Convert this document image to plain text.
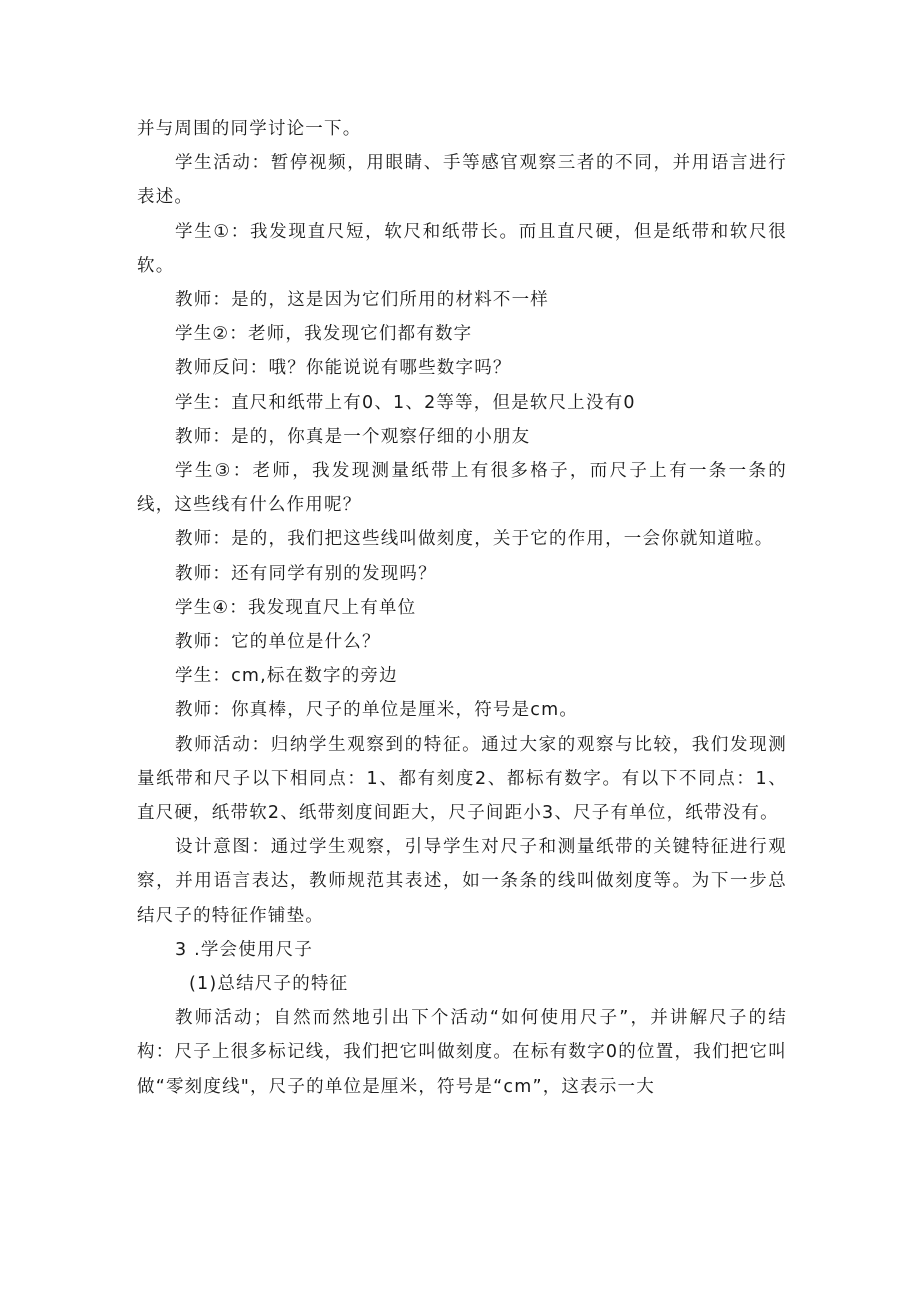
并与周围的同学讨论一下。

学生活动：暂停视频，用眼睛、手等感官观察三者的不同，并用语言进行表述。

学生①：我发现直尺短，软尺和纸带长。而且直尺硬，但是纸带和软尺很软。

教师：是的，这是因为它们所用的材料不一样

学生②：老师，我发现它们都有数字

教师反问：哦？你能说说有哪些数字吗？

学生：直尺和纸带上有0、1、2等等，但是软尺上没有0

教师：是的，你真是一个观察仔细的小朋友

学生③：老师，我发现测量纸带上有很多格子，而尺子上有一条一条的线，这些线有什么作用呢？

教师：是的，我们把这些线叫做刻度，关于它的作用，一会你就知道啦。

教师：还有同学有别的发现吗？

学生④：我发现直尺上有单位

教师：它的单位是什么？

学生：cm,标在数字的旁边

教师：你真棒，尺子的单位是厘米，符号是cm。

教师活动：归纳学生观察到的特征。通过大家的观察与比较，我们发现测量纸带和尺子以下相同点：1、都有刻度2、都标有数字。有以下不同点：1、直尺硬，纸带软2、纸带刻度间距大，尺子间距小3、尺子有单位，纸带没有。

设计意图：通过学生观察，引导学生对尺子和测量纸带的关键特征进行观察，并用语言表达，教师规范其表述，如一条条的线叫做刻度等。为下一步总结尺子的特征作铺垫。

3 .学会使用尺子

(1)总结尺子的特征

教师活动；自然而然地引出下个活动“如何使用尺子”，并讲解尺子的结构：尺子上很多标记线，我们把它叫做刻度。在标有数字0的位置，我们把它叫做“零刻度线"，尺子的单位是厘米，符号是“cm”，这表示一大
